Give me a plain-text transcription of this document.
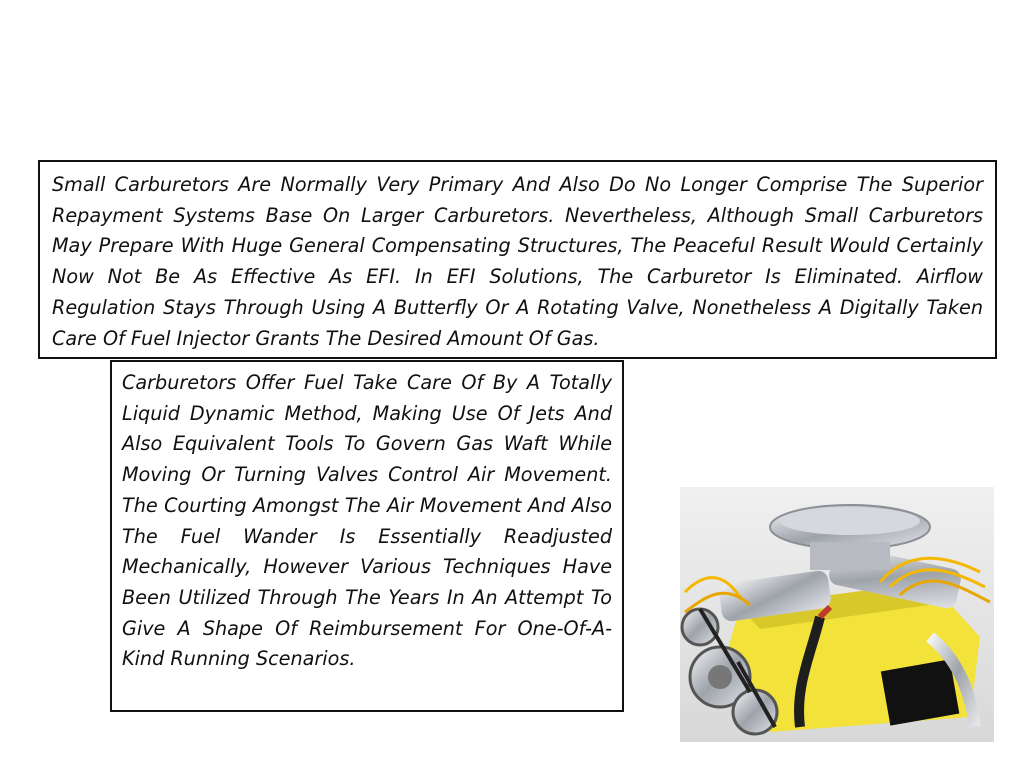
Small Carburetors Are Normally Very Primary And Also Do No Longer Comprise The Superior Repayment Systems Base On Larger Carburetors. Nevertheless, Although Small Carburetors May Prepare With Huge General Compensating Structures, The Peaceful Result Would Certainly Now Not Be As Effective As EFI. In EFI Solutions, The Carburetor Is Eliminated. Airflow Regulation Stays Through Using A Butterfly Or A Rotating Valve, Nonetheless A Digitally Taken Care Of Fuel Injector Grants The Desired Amount Of Gas.
Carburetors Offer Fuel Take Care Of By A Totally Liquid Dynamic Method, Making Use Of Jets And Also Equivalent Tools To Govern Gas Waft While Moving Or Turning Valves Control Air Movement. The Courting Amongst The Air Movement And Also The Fuel Wander Is Essentially Readjusted Mechanically, However Various Techniques Have Been Utilized Through The Years In An Attempt To Give A Shape Of Reimbursement For One-Of-A-Kind Running Scenarios.
